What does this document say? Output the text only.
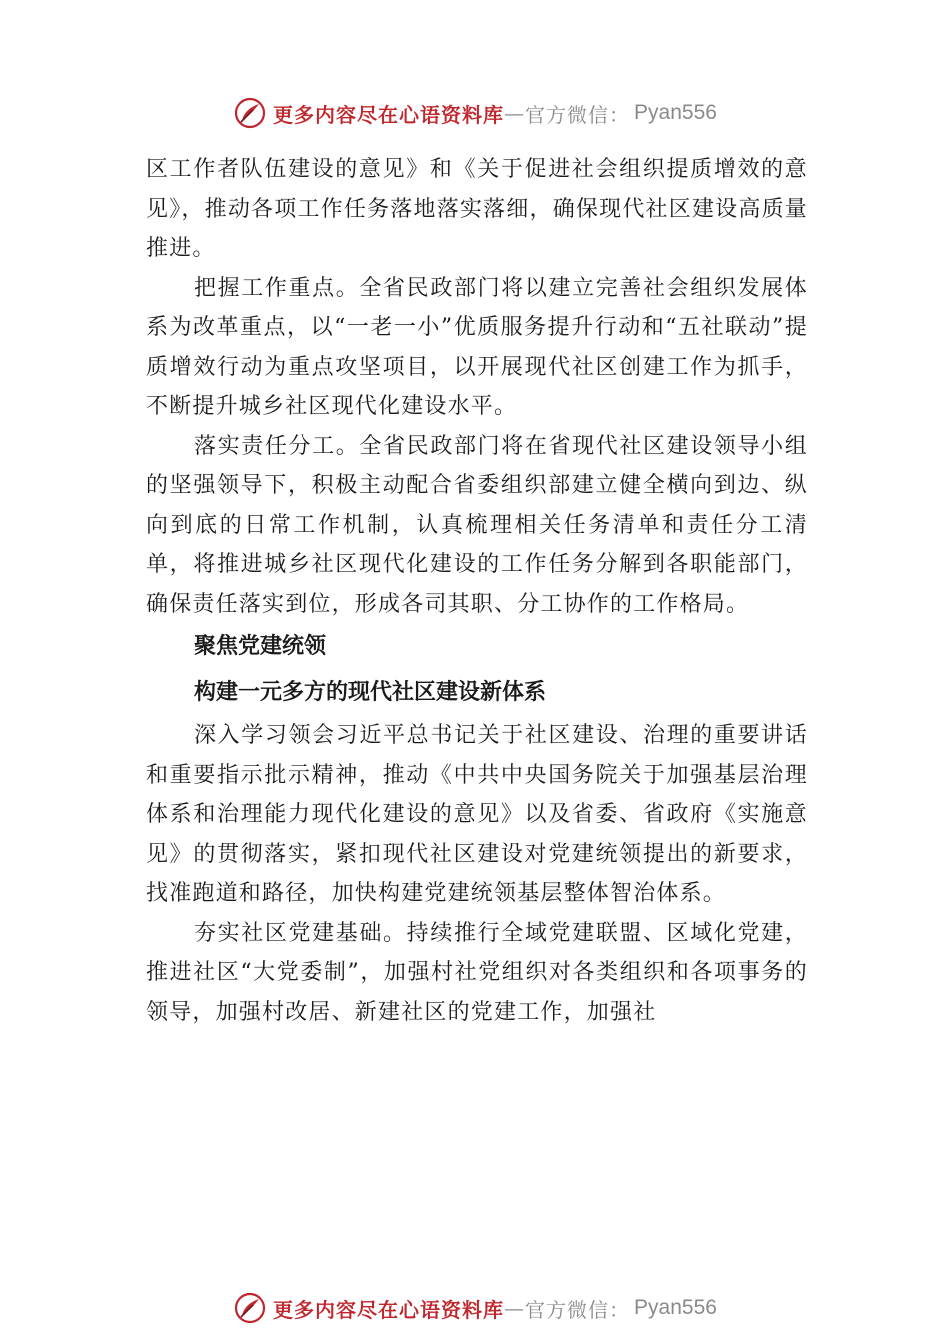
更多内容尽在心语资料库 — 官方微信： Pyan556

区工作者队伍建设的意见》和《关于促进社会组织提质增效的意见》，推动各项工作任务落地落实落细，确保现代社区建设高质量推进。

把握工作重点。全省民政部门将以建立完善社会组织发展体系为改革重点，以“一老一小”优质服务提升行动和“五社联动”提质增效行动为重点攻坚项目，以开展现代社区创建工作为抓手，不断提升城乡社区现代化建设水平。

落实责任分工。全省民政部门将在省现代社区建设领导小组的坚强领导下，积极主动配合省委组织部建立健全横向到边、纵向到底的日常工作机制，认真梳理相关任务清单和责任分工清单，将推进城乡社区现代化建设的工作任务分解到各职能部门，确保责任落实到位，形成各司其职、分工协作的工作格局。

聚焦党建统领

构建一元多方的现代社区建设新体系

深入学习领会习近平总书记关于社区建设、治理的重要讲话和重要指示批示精神，推动《中共中央国务院关于加强基层治理体系和治理能力现代化建设的意见》以及省委、省政府《实施意见》的贯彻落实，紧扣现代社区建设对党建统领提出的新要求，找准跑道和路径，加快构建党建统领基层整体智治体系。

夯实社区党建基础。持续推行全域党建联盟、区域化党建，推进社区“大党委制”，加强村社党组织对各类组织和各项事务的领导，加强村改居、新建社区的党建工作，加强社

更多内容尽在心语资料库 — 官方微信： Pyan556
